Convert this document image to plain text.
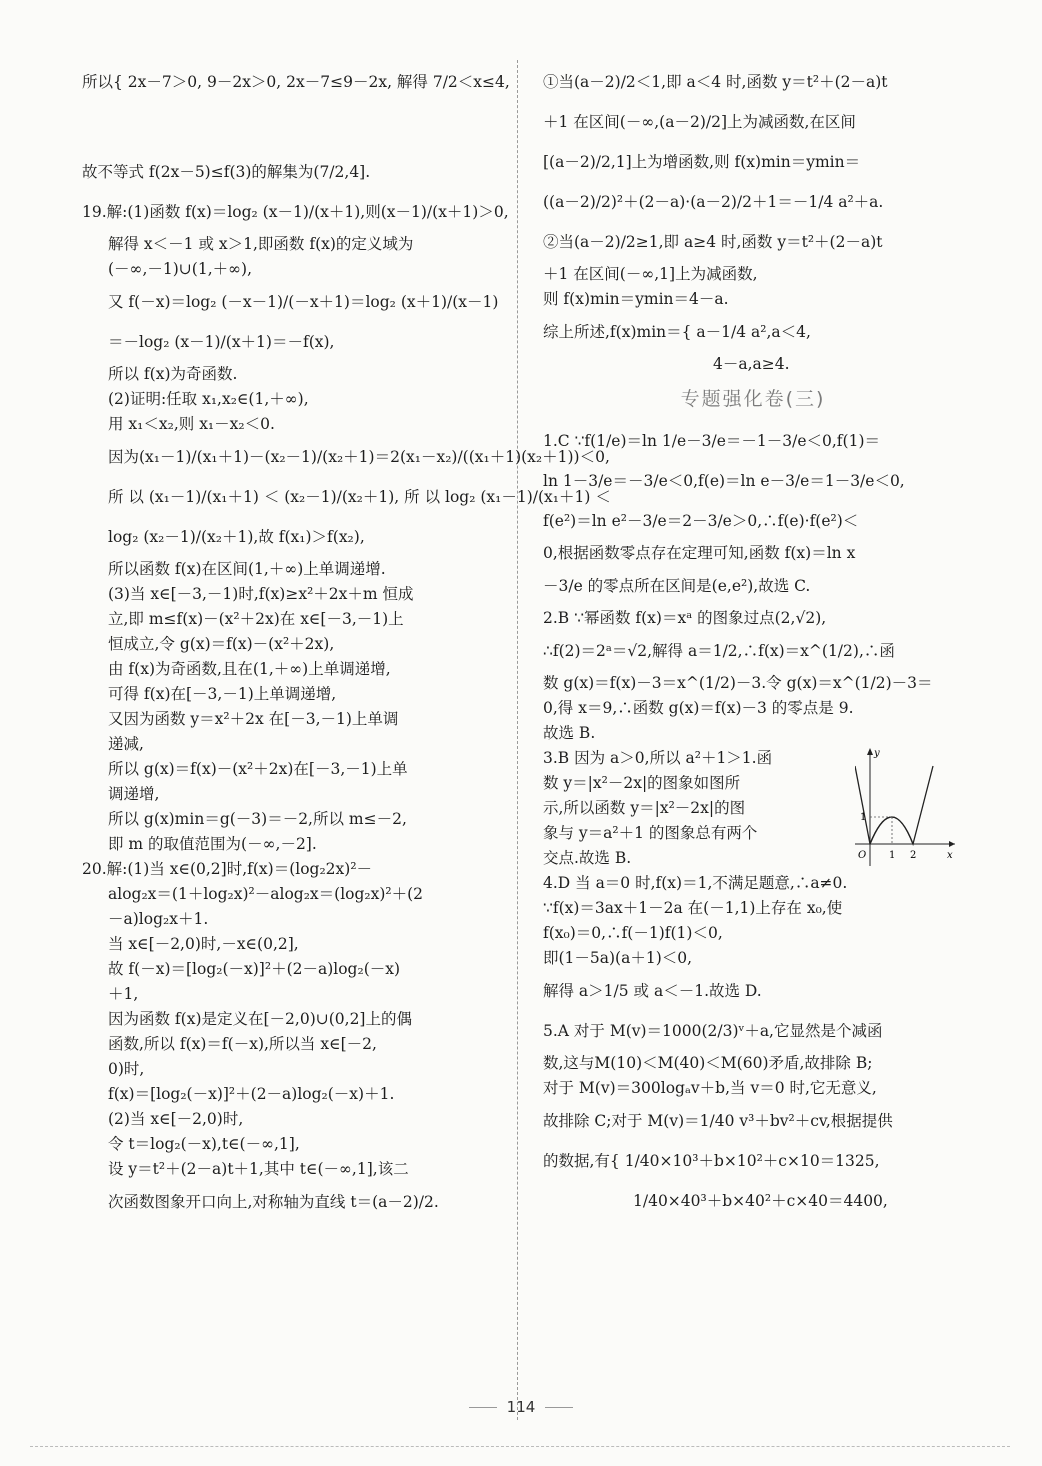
所以{ 2x－7＞0, 9－2x＞0, 2x－7≤9－2x, 解得 7/2＜x≤4,
故不等式 f(2x－5)≤f(3)的解集为(7/2,4].
19.解:(1)函数 f(x)＝log₂ (x－1)/(x＋1),则(x－1)/(x＋1)＞0,
解得 x＜－1 或 x＞1,即函数 f(x)的定义域为
(－∞,－1)∪(1,＋∞),
又 f(－x)＝log₂ (－x－1)/(－x＋1)＝log₂ (x＋1)/(x－1)
＝－log₂ (x－1)/(x＋1)＝－f(x),
所以 f(x)为奇函数.
(2)证明:任取 x₁,x₂∈(1,＋∞),
用 x₁＜x₂,则 x₁－x₂＜0.
因为(x₁－1)/(x₁＋1)－(x₂－1)/(x₂＋1)＝2(x₁－x₂)/((x₁＋1)(x₂＋1))＜0,
所 以 (x₁－1)/(x₁＋1) ＜ (x₂－1)/(x₂＋1), 所 以 log₂ (x₁－1)/(x₁＋1) ＜
log₂ (x₂－1)/(x₂＋1),故 f(x₁)＞f(x₂),
所以函数 f(x)在区间(1,＋∞)上单调递增.
(3)当 x∈[－3,－1)时,f(x)≥x²＋2x＋m 恒成
立,即 m≤f(x)－(x²＋2x)在 x∈[－3,－1)上
恒成立,令 g(x)＝f(x)－(x²＋2x),
由 f(x)为奇函数,且在(1,＋∞)上单调递增,
可得 f(x)在[－3,－1)上单调递增,
又因为函数 y＝x²＋2x 在[－3,－1)上单调
递减,
所以 g(x)＝f(x)－(x²＋2x)在[－3,－1)上单
调递增,
所以 g(x)min＝g(－3)＝－2,所以 m≤－2,
即 m 的取值范围为(－∞,－2].
20.解:(1)当 x∈(0,2]时,f(x)＝(log₂2x)²－
alog₂x＝(1＋log₂x)²－alog₂x＝(log₂x)²＋(2
－a)log₂x＋1.
当 x∈[－2,0)时,－x∈(0,2],
故 f(－x)＝[log₂(－x)]²＋(2－a)log₂(－x)
＋1,
因为函数 f(x)是定义在[－2,0)∪(0,2]上的偶
函数,所以 f(x)＝f(－x),所以当 x∈[－2,
0)时,
f(x)＝[log₂(－x)]²＋(2－a)log₂(－x)＋1.
(2)当 x∈[－2,0)时,
令 t＝log₂(－x),t∈(－∞,1],
设 y＝t²＋(2－a)t＋1,其中 t∈(－∞,1],该二
次函数图象开口向上,对称轴为直线 t＝(a－2)/2.
①当(a－2)/2＜1,即 a＜4 时,函数 y＝t²＋(2－a)t
＋1 在区间(－∞,(a－2)/2]上为减函数,在区间
[(a－2)/2,1]上为增函数,则 f(x)min＝ymin＝
((a－2)/2)²＋(2－a)·(a－2)/2＋1＝－1/4 a²＋a.
②当(a－2)/2≥1,即 a≥4 时,函数 y＝t²＋(2－a)t
＋1 在区间(－∞,1]上为减函数,
则 f(x)min＝ymin＝4－a.
综上所述,f(x)min＝{ a－1/4 a²,a＜4,
4－a,a≥4.
专题强化卷(三)
1.C ∵f(1/e)＝ln 1/e－3/e＝－1－3/e＜0,f(1)＝
ln 1－3/e＝－3/e＜0,f(e)＝ln e－3/e＝1－3/e＜0,
f(e²)＝ln e²－3/e＝2－3/e＞0,∴f(e)·f(e²)＜
0,根据函数零点存在定理可知,函数 f(x)＝ln x
－3/e 的零点所在区间是(e,e²),故选 C.
2.B ∵幂函数 f(x)＝xᵃ 的图象过点(2,√2),
∴f(2)＝2ᵃ＝√2,解得 a＝1/2,∴f(x)＝x^(1/2),∴函
数 g(x)＝f(x)－3＝x^(1/2)－3.令 g(x)＝x^(1/2)－3＝
0,得 x＝9,∴函数 g(x)＝f(x)－3 的零点是 9.
故选 B.
3.B 因为 a＞0,所以 a²＋1＞1.函
数 y＝|x²－2x|的图象如图所
示,所以函数 y＝|x²－2x|的图
象与 y＝a²＋1 的图象总有两个
交点.故选 B.
y
x
O 1 2
1
4.D 当 a＝0 时,f(x)＝1,不满足题意,∴a≠0.
∵f(x)＝3ax＋1－2a 在(－1,1)上存在 x₀,使
f(x₀)＝0,∴f(－1)f(1)＜0,
即(1－5a)(a＋1)＜0,
解得 a＞1/5 或 a＜－1.故选 D.
5.A 对于 M(v)＝1000(2/3)ᵛ＋a,它显然是个减函
数,这与M(10)＜M(40)＜M(60)矛盾,故排除 B;
对于 M(v)＝300logₐv＋b,当 v＝0 时,它无意义,
故排除 C;对于 M(v)＝1/40 v³＋bv²＋cv,根据提供
的数据,有{ 1/40×10³＋b×10²＋c×10＝1325,
1/40×40³＋b×40²＋c×40＝4400,
114
